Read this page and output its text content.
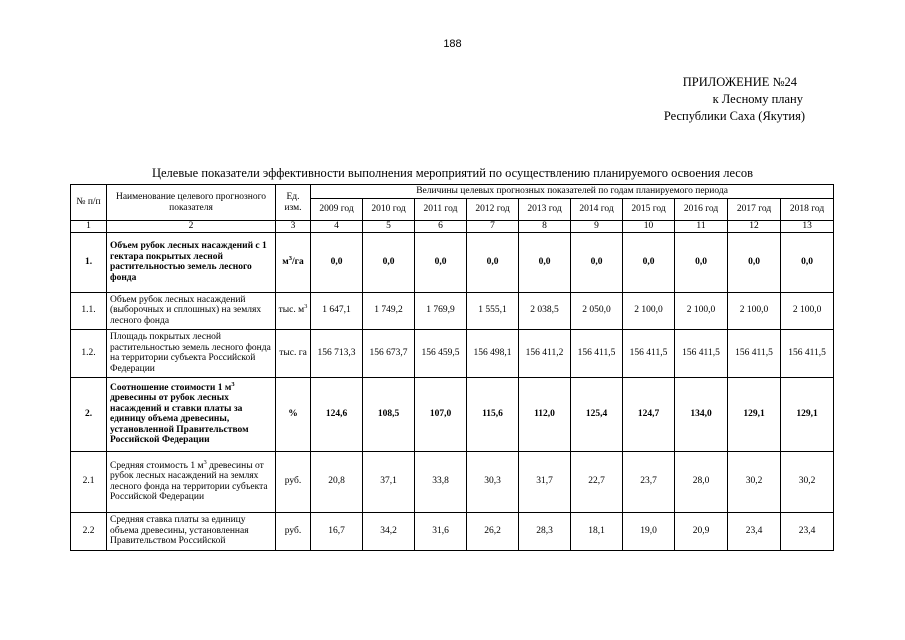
188
ПРИЛОЖЕНИЕ №24
к Лесному плану
Республики Саха (Якутия)
Целевые показатели эффективности выполнения мероприятий по осуществлению планируемого освоения лесов
№ п/п	Наименование целевого прогнозного показателя	Ед. изм.	Величины целевых прогнозных показателей по годам планируемого периода									
			2009 год	2010 год	2011 год	2012 год	2013 год	2014 год	2015 год	2016 год	2017 год	2018 год
1	2	3	4	5	6	7	8	9	10	11	12	13
1.	Объем рубок лесных насаждений с 1 гектара покрытых лесной растительностью земель лесного фонда	$м^3/га$	0,0	0,0	0,0	0,0	0,0	0,0	0,0	0,0	0,0	0,0
1.1.	Объем рубок лесных насаждений (выборочных и сплошных) на землях лесного фонда	тыс. $м^3$	1 647,1	1 749,2	1 769,9	1 555,1	2 038,5	2 050,0	2 100,0	2 100,0	2 100,0	2 100,0
1.2.	Площадь покрытых лесной растительностью земель лесного фонда на территории субъекта Российской Федерации	тыс. га	156 713,3	156 673,7	156 459,5	156 498,1	156 411,2	156 411,5	156 411,5	156 411,5	156 411,5	156 411,5
2.	Соотношение стоимости 1 $м^3$ древесины от рубок лесных насаждений и ставки платы за единицу объема древесины, установленной Правительством Российской Федерации	%	124,6	108,5	107,0	115,6	112,0	125,4	124,7	134,0	129,1	129,1
2.1	Средняя стоимость 1 $м^3$ древесины от рубок лесных насаждений на землях лесного фонда на территории субъекта Российской Федерации	руб.	20,8	37,1	33,8	30,3	31,7	22,7	23,7	28,0	30,2	30,2
2.2	Средняя ставка платы за единицу объема древесины, установленная Правительством Российской	руб.	16,7	34,2	31,6	26,2	28,3	18,1	19,0	20,9	23,4	23,4
